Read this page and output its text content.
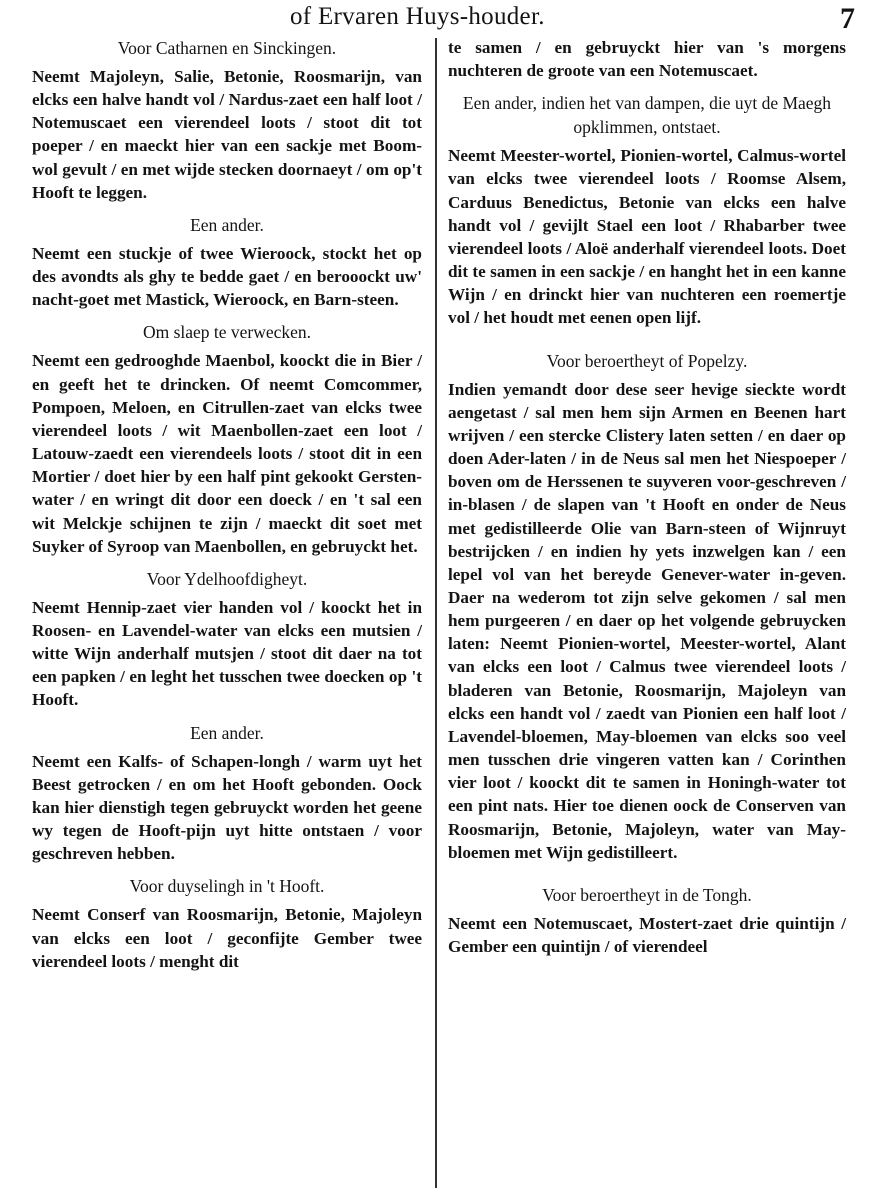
of Ervaren Huys-houder.	7
Voor Catharnen en Sinckingen.

Neemt Majoleyn, Salie, Betonie, Roosmarijn, van elcks een halve handt vol / Nardus-zaet een half loot / Notemuscaet een vierendeel loots / stoot dit tot poeper / en maeckt hier van een sackje met Boom-wol gevult / en met wijde stecken doornaeyt / om op't Hooft te leggen.

Een ander.

Neemt een stuckje of twee Wieroock, stockt het op des avondts als ghy te bedde gaet / en berooockt uw' nacht-goet met Mastick, Wieroock, en Barn-steen.

Om slaep te verwecken.

Neemt een gedrooghde Maenbol, koockt die in Bier / en geeft het te drincken. Of neemt Comcommer, Pompoen, Meloen, en Citrullen-zaet van elcks twee vierendeel loots / wit Maenbollen-zaet een loot / Latouw-zaedt een vierendeels loots / stoot dit in een Mortier / doet hier by een half pint gekookt Gersten-water / en wringt dit door een doeck / en 't sal een wit Melckje schijnen te zijn / maeckt dit soet met Suyker of Syroop van Maenbollen, en gebruyckt het.

Voor Ydelhoofdigheyt.

Neemt Hennip-zaet vier handen vol / koockt het in Roosen- en Lavendel-water van elcks een mutsien / witte Wijn anderhalf mutsjen / stoot dit daer na tot een papken / en leght het tusschen twee doecken op 't Hooft.

Een ander.

Neemt een Kalfs- of Schapen-longh / warm uyt het Beest getrocken / en om het Hooft gebonden. Oock kan hier dienstigh tegen gebruyckt worden het geene wy tegen de Hooft-pijn uyt hitte ontstaen / voor geschreven hebben.

Voor duyselingh in 't Hooft.

Neemt Conserf van Roosmarijn, Betonie, Majoleyn van elcks een loot / geconfijte Gember twee vierendeel loots / menght dit

te samen / en gebruyckt hier van 's morgens nuchteren de groote van een Notemuscaet.

Een ander, indien het van dampen, die uyt de Maegh opklimmen, ontstaet.

Neemt Meester-wortel, Pionien-wortel, Calmus-wortel van elcks twee vierendeel loots / Roomse Alsem, Carduus Benedictus, Betonie van elcks een halve handt vol / gevijlt Stael een loot / Rhabarber twee vierendeel loots / Aloë anderhalf vierendeel loots. Doet dit te samen in een sackje / en hanght het in een kanne Wijn / en drinckt hier van nuchteren een roemertje vol / het houdt met eenen open lijf.

Voor beroertheyt of Popelzy.

Indien yemandt door dese seer hevige sieckte wordt aengetast / sal men hem sijn Armen en Beenen hart wrijven / een stercke Clistery laten setten / en daer op doen Ader-laten / in de Neus sal men het Niespoeper / boven om de Herssenen te suyveren voor-geschreven / in-blasen / de slapen van 't Hooft en onder de Neus met gedistilleerde Olie van Barn-steen of Wijnruyt bestrijcken / en indien hy yets inzwelgen kan / een lepel vol van het bereyde Genever-water in-geven. Daer na wederom tot zijn selve gekomen / sal men hem purgeeren / en daer op het volgende gebruycken laten: Neemt Pionien-wortel, Meester-wortel, Alant van elcks een loot / Calmus twee vierendeel loots / bladeren van Betonie, Roosmarijn, Majoleyn van elcks een handt vol / zaedt van Pionien een half loot / Lavendel-bloemen, May-bloemen van elcks soo veel men tusschen drie vingeren vatten kan / Corinthen vier loot / koockt dit te samen in Honingh-water tot een pint nats. Hier toe dienen oock de Conserven van Roosmarijn, Betonie, Majoleyn, water van May-bloemen met Wijn gedistilleert.

Voor beroertheyt in de Tongh.

Neemt een Notemuscaet, Mostert-zaet drie quintijn / Gember een quintijn / of vierendeel
